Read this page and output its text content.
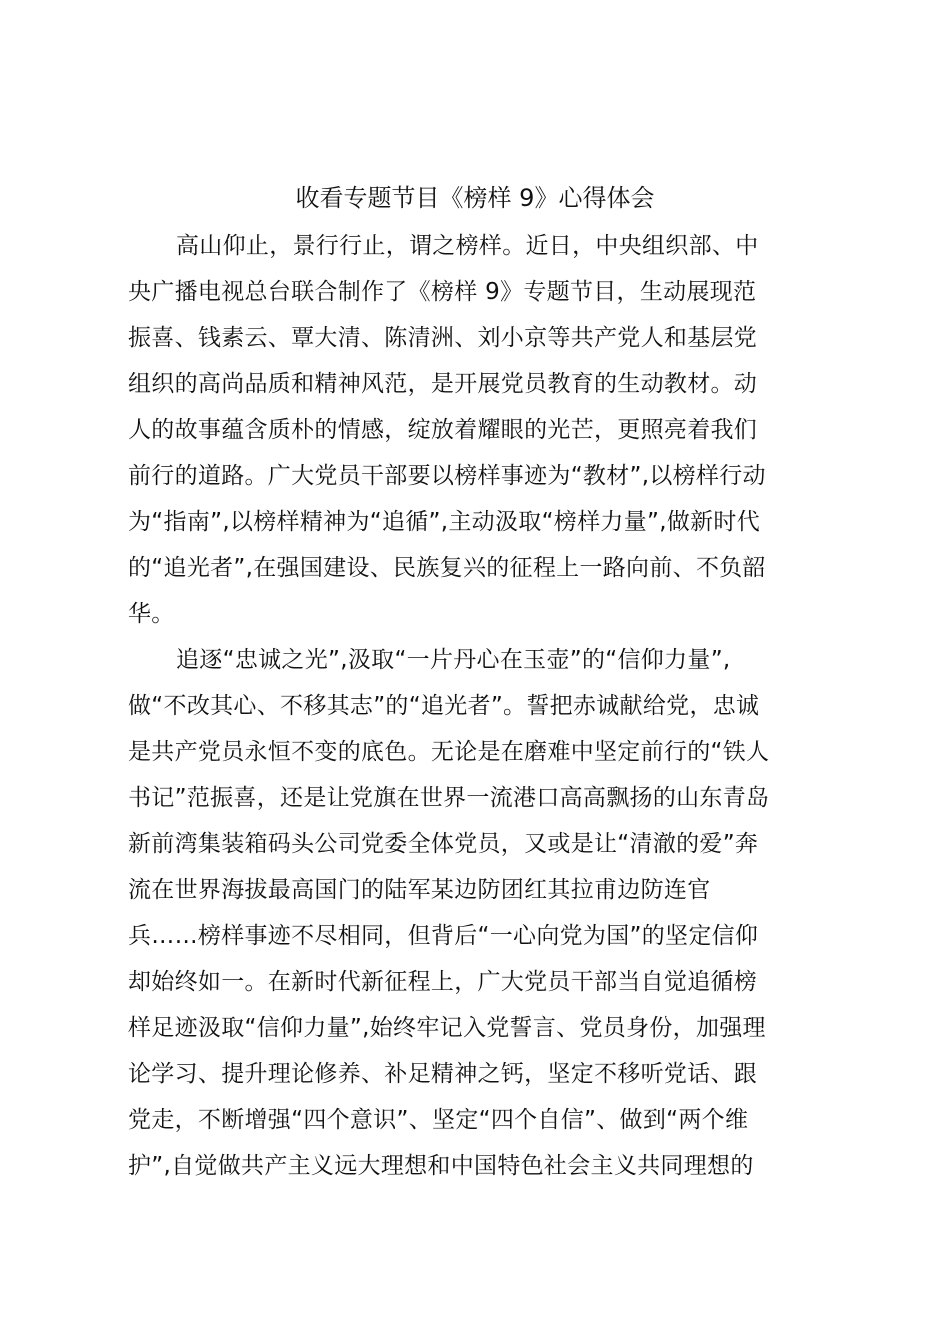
收看专题节目《榜样 9》心得体会
高山仰止，景行行止，谓之榜样。近日，中央组织部、中
央广播电视总台联合制作了《榜样 9》专题节目，生动展现范
振喜、钱素云、覃大清、陈清洲、刘小京等共产党人和基层党
组织的高尚品质和精神风范，是开展党员教育的生动教材。动
人的故事蕴含质朴的情感，绽放着耀眼的光芒，更照亮着我们
前行的道路。广大党员干部要以榜样事迹为“教材”,以榜样行动
为“指南”,以榜样精神为“追循”,主动汲取“榜样力量”,做新时代
的“追光者”,在强国建设、民族复兴的征程上一路向前、不负韶
华。
追逐“忠诚之光”,汲取“一片丹心在玉壶”的“信仰力量”,
做“不改其心、不移其志”的“追光者”。誓把赤诚献给党，忠诚
是共产党员永恒不变的底色。无论是在磨难中坚定前行的“铁人
书记”范振喜，还是让党旗在世界一流港口高高飘扬的山东青岛
新前湾集装箱码头公司党委全体党员，又或是让“清澈的爱”奔
流在世界海拔最高国门的陆军某边防团红其拉甫边防连官
兵……榜样事迹不尽相同，但背后“一心向党为国”的坚定信仰
却始终如一。在新时代新征程上，广大党员干部当自觉追循榜
样足迹汲取“信仰力量”,始终牢记入党誓言、党员身份，加强理
论学习、提升理论修养、补足精神之钙，坚定不移听党话、跟
党走，不断增强“四个意识”、坚定“四个自信”、做到“两个维
护”,自觉做共产主义远大理想和中国特色社会主义共同理想的
